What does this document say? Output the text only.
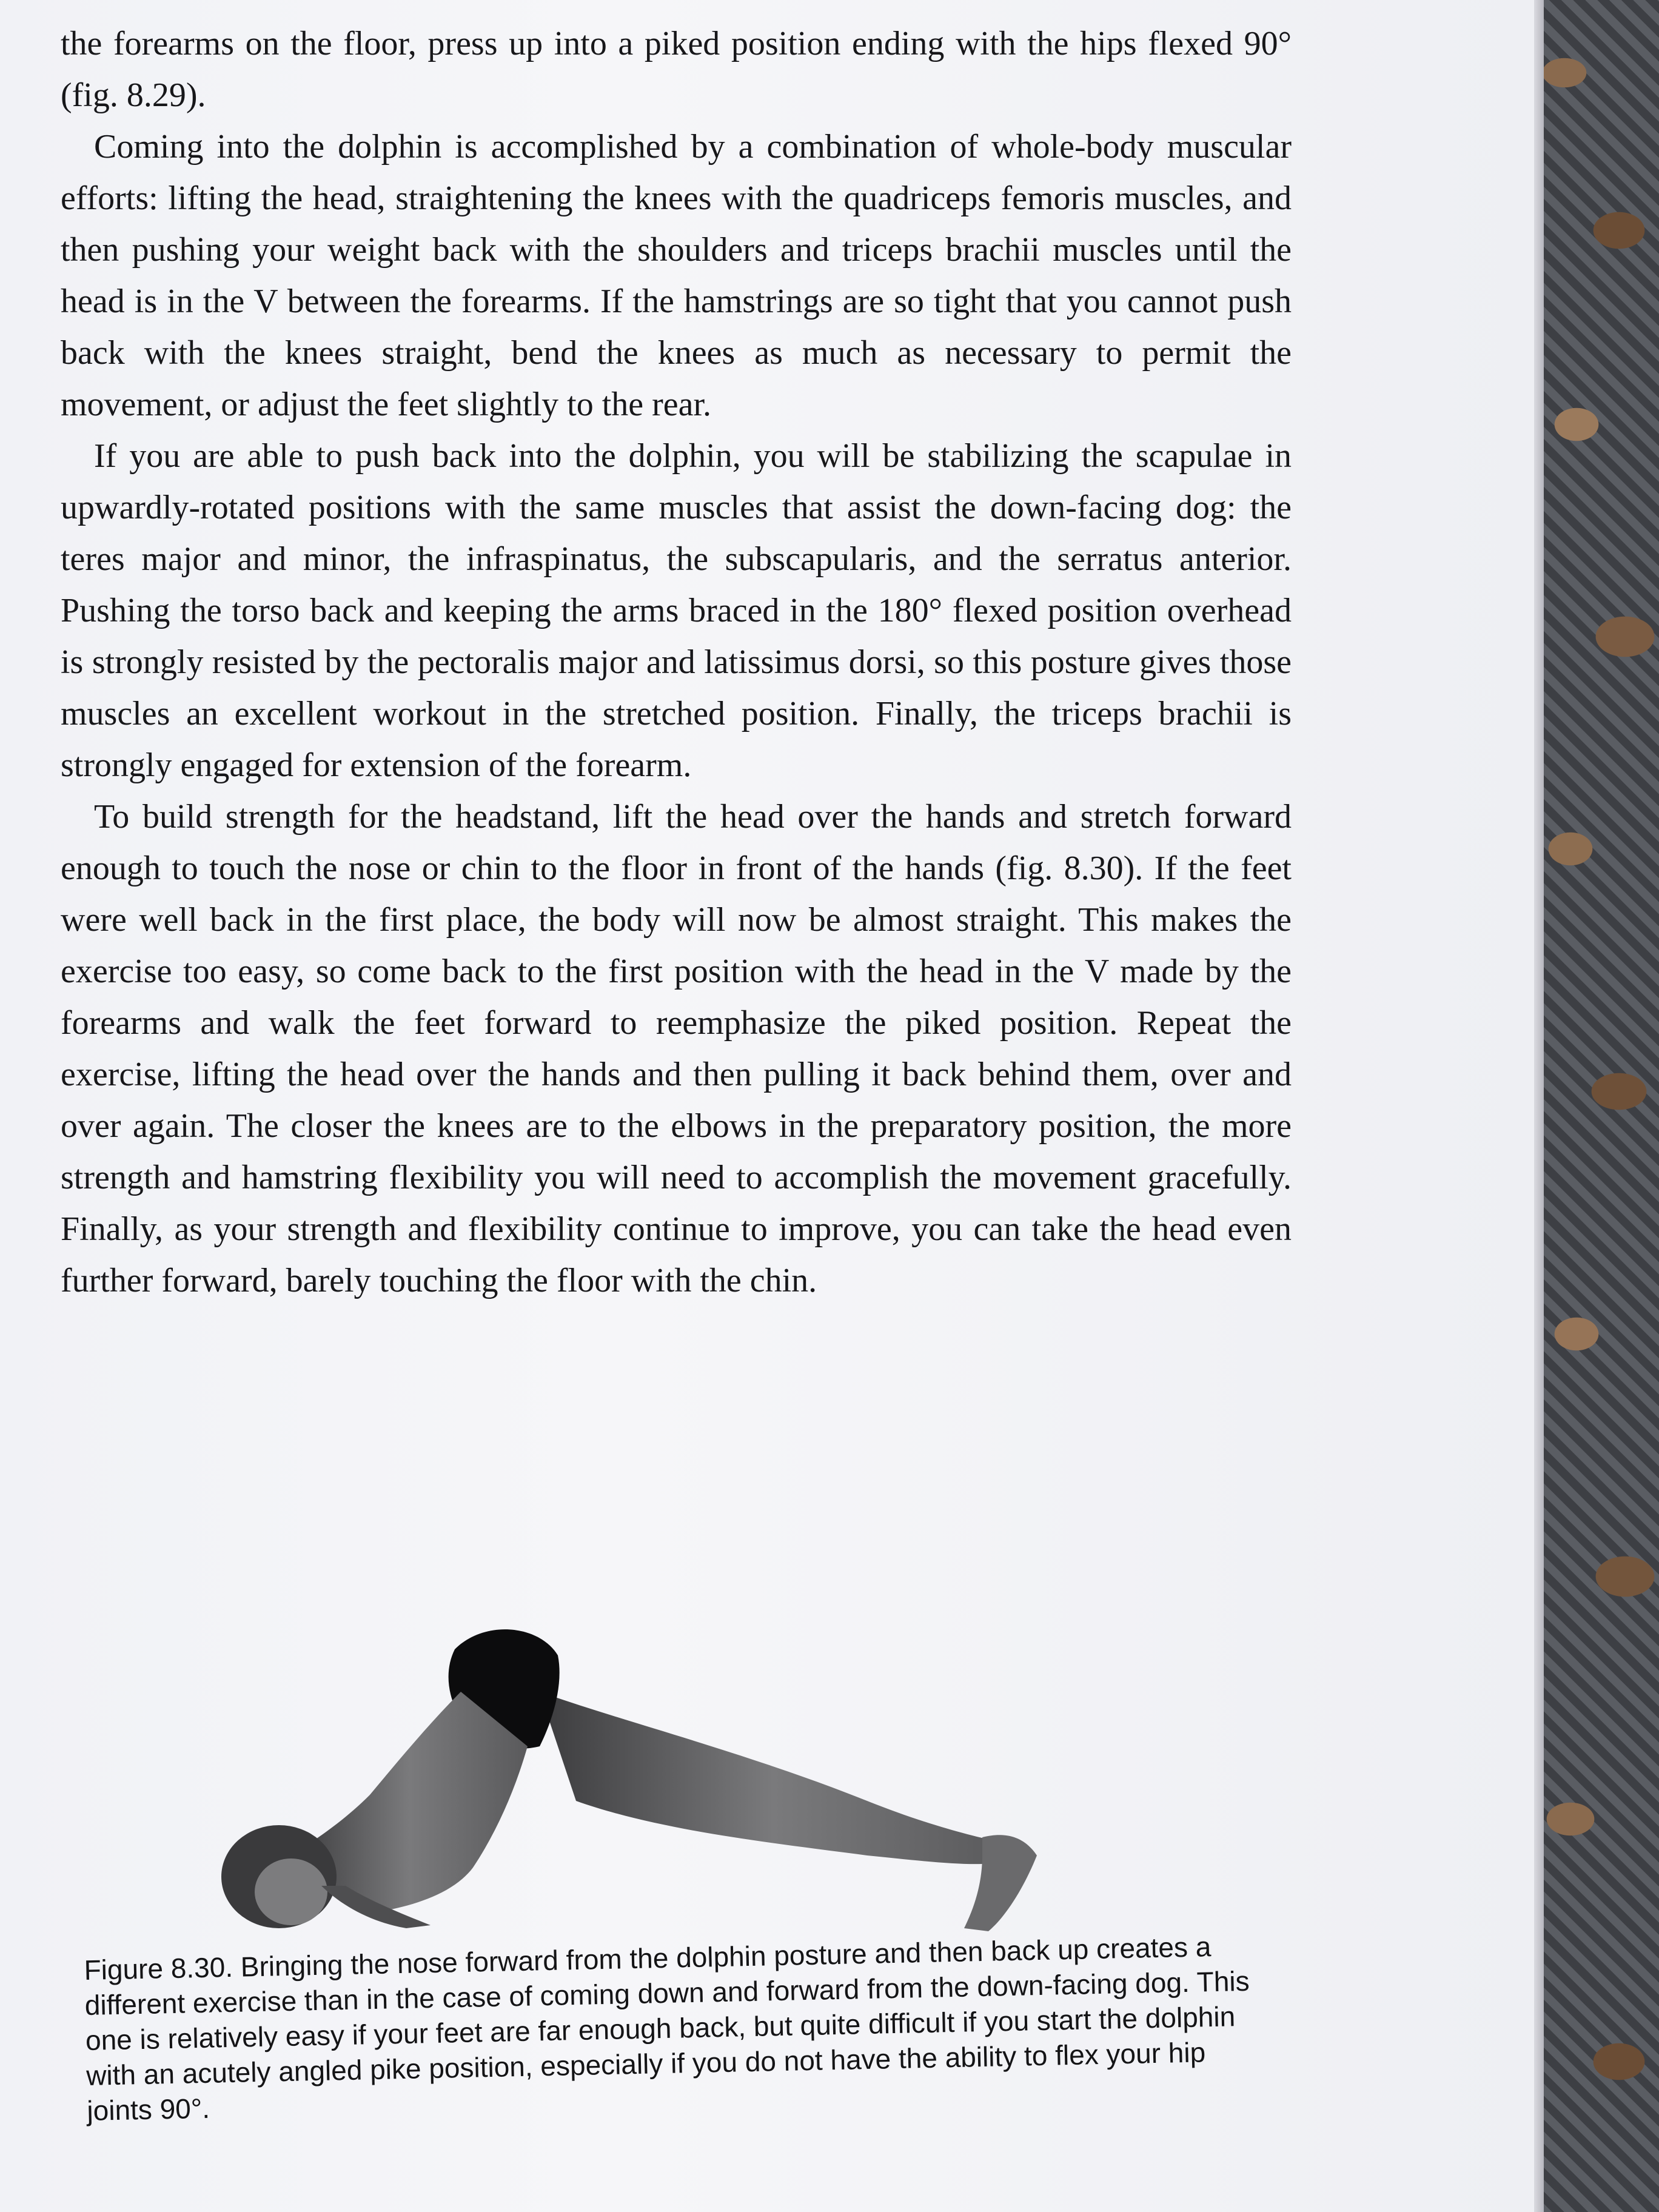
the forearms on the floor, press up into a piked position ending with the hips flexed 90° (fig. 8.29).

Coming into the dolphin is accomplished by a combination of whole-body muscular efforts: lifting the head, straightening the knees with the quadriceps femoris muscles, and then pushing your weight back with the shoulders and triceps brachii muscles until the head is in the V between the forearms. If the hamstrings are so tight that you cannot push back with the knees straight, bend the knees as much as necessary to permit the movement, or adjust the feet slightly to the rear.

If you are able to push back into the dolphin, you will be stabilizing the scapulae in upwardly-rotated positions with the same muscles that assist the down-facing dog: the teres major and minor, the infraspinatus, the subscapularis, and the serratus anterior. Pushing the torso back and keeping the arms braced in the 180° flexed position overhead is strongly resisted by the pectoralis major and latissimus dorsi, so this posture gives those muscles an excellent workout in the stretched position. Finally, the triceps brachii is strongly engaged for extension of the forearm.

To build strength for the headstand, lift the head over the hands and stretch forward enough to touch the nose or chin to the floor in front of the hands (fig. 8.30). If the feet were well back in the first place, the body will now be almost straight. This makes the exercise too easy, so come back to the first position with the head in the V made by the forearms and walk the feet forward to reemphasize the piked position. Repeat the exercise, lifting the head over the hands and then pulling it back behind them, over and over again. The closer the knees are to the elbows in the preparatory position, the more strength and hamstring flexibility you will need to accomplish the movement gracefully. Finally, as your strength and flexibility continue to improve, you can take the head even further forward, barely touching the floor with the chin.

Figure 8.30. Bringing the nose forward from the dolphin posture and then back up creates a different exercise than in the case of coming down and forward from the down-facing dog. This one is relatively easy if your feet are far enough back, but quite difficult if you start the dolphin with an acutely angled pike position, especially if you do not have the ability to flex your hip joints 90°.
